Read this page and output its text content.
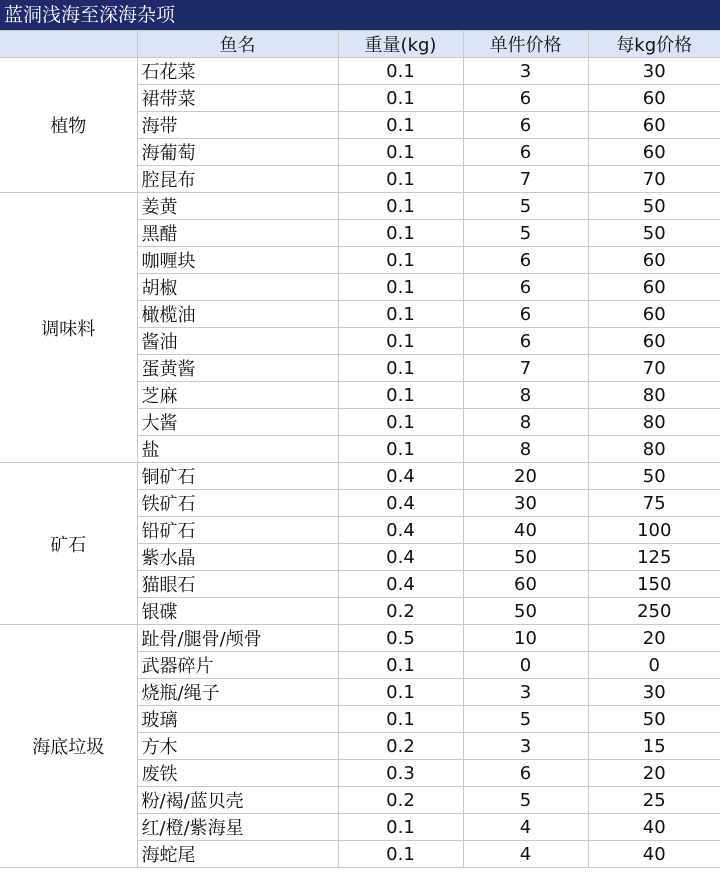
蓝洞浅海至深海杂项
	鱼名	重量(kg)	单件价格	每kg价格
植物	石花菜	0.1	3	30
	裙带菜	0.1	6	60
	海带	0.1	6	60
	海葡萄	0.1	6	60
	腔昆布	0.1	7	70
调味料	姜黄	0.1	5	50
	黑醋	0.1	5	50
	咖喱块	0.1	6	60
	胡椒	0.1	6	60
	橄榄油	0.1	6	60
	酱油	0.1	6	60
	蛋黄酱	0.1	7	70
	芝麻	0.1	8	80
	大酱	0.1	8	80
	盐	0.1	8	80
矿石	铜矿石	0.4	20	50
	铁矿石	0.4	30	75
	铅矿石	0.4	40	100
	紫水晶	0.4	50	125
	猫眼石	0.4	60	150
	银碟	0.2	50	250
海底垃圾	趾骨/腿骨/颅骨	0.5	10	20
	武器碎片	0.1	0	0
	烧瓶/绳子	0.1	3	30
	玻璃	0.1	5	50
	方木	0.2	3	15
	废铁	0.3	6	20
	粉/褐/蓝贝壳	0.2	5	25
	红/橙/紫海星	0.1	4	40
	海蛇尾	0.1	4	40
